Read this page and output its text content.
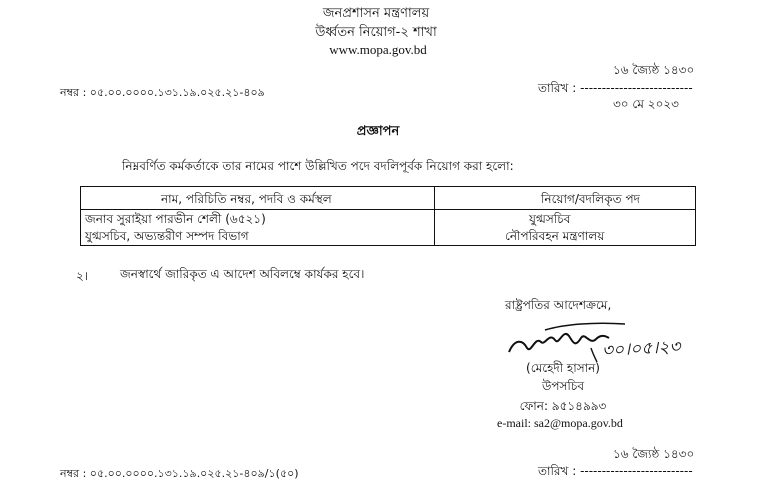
জনপ্রশাসন মন্ত্রণালয়
উর্ধ্বতন নিয়োগ-২ শাখা
www.mopa.gov.bd
১৬ জ্যৈষ্ঠ ১৪৩০
তারিখ : --------------------------
৩০ মে ২০২৩
নম্বর : ০৫.০০.০০০০.১৩১.১৯.০২৫.২১-৪০৯
প্রজ্ঞাপন
নিম্নবর্ণিত কর্মকর্তাকে তার নামের পাশে উল্লিখিত পদে বদলিপূর্বক নিয়োগ করা হলো:
নাম, পরিচিতি নম্বর, পদবি ও কর্মস্থল	নিয়োগ/বদলিকৃত পদ
জনাব সুরাইয়া পারভীন শেলী (৬৫২১)
যুগ্মসচিব, অভ্যন্তরীণ সম্পদ বিভাগ
যুগ্মসচিব
নৌপরিবহন মন্ত্রণালয়
২।	জনস্বার্থে জারিকৃত এ আদেশ অবিলম্বে কার্যকর হবে।
রাষ্ট্রপতির আদেশক্রমে,
৩০।০৫।২৩
(মেহেদী হাসান)
উপসচিব
ফোন: ৯৫১৪৯৯৩
e-mail: sa2@mopa.gov.bd
১৬ জ্যৈষ্ঠ ১৪৩০
তারিখ : --------------------------
নম্বর : ০৫.০০.০০০০.১৩১.১৯.০২৫.২১-৪০৯/১(৫০)
